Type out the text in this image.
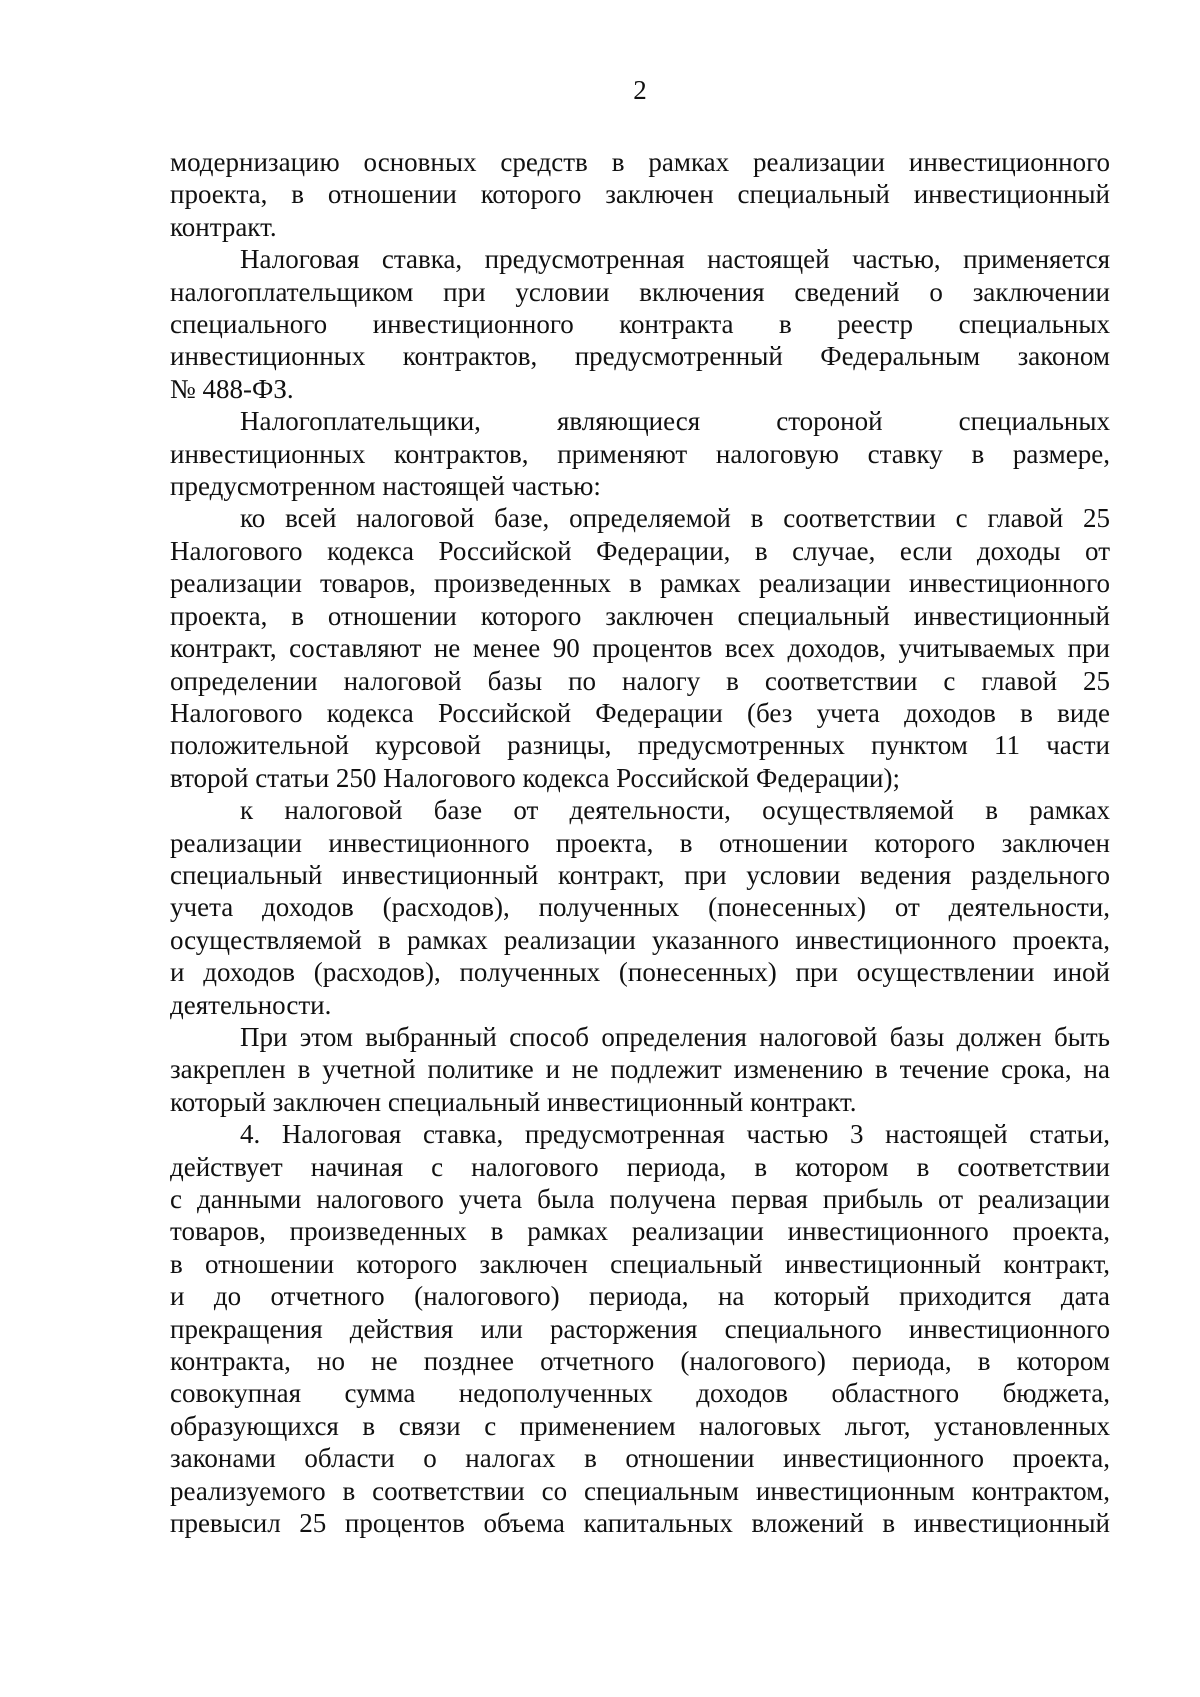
2
модернизацию основных средств в рамках реализации инвестиционного
проекта, в отношении которого заключен специальный инвестиционный
контракт.
Налоговая ставка, предусмотренная настоящей частью, применяется
налогоплательщиком при условии включения сведений о заключении
специального инвестиционного контракта в реестр специальных
инвестиционных контрактов, предусмотренный Федеральным законом
№ 488-ФЗ.
Налогоплательщики, являющиеся стороной специальных
инвестиционных контрактов, применяют налоговую ставку в размере,
предусмотренном настоящей частью:
ко всей налоговой базе, определяемой в соответствии с главой 25
Налогового кодекса Российской Федерации, в случае, если доходы от
реализации товаров, произведенных в рамках реализации инвестиционного
проекта, в отношении которого заключен специальный инвестиционный
контракт, составляют не менее 90 процентов всех доходов, учитываемых при
определении налоговой базы по налогу в соответствии с главой 25
Налогового кодекса Российской Федерации (без учета доходов в виде
положительной курсовой разницы, предусмотренных пунктом 11 части
второй статьи 250 Налогового кодекса Российской Федерации);
к налоговой базе от деятельности, осуществляемой в рамках
реализации инвестиционного проекта, в отношении которого заключен
специальный инвестиционный контракт, при условии ведения раздельного
учета доходов (расходов), полученных (понесенных) от деятельности,
осуществляемой в рамках реализации указанного инвестиционного проекта,
и доходов (расходов), полученных (понесенных) при осуществлении иной
деятельности.
При этом выбранный способ определения налоговой базы должен быть
закреплен в учетной политике и не подлежит изменению в течение срока, на
который заключен специальный инвестиционный контракт.
4. Налоговая ставка, предусмотренная частью 3 настоящей статьи,
действует начиная с налогового периода, в котором в соответствии
с данными налогового учета была получена первая прибыль от реализации
товаров, произведенных в рамках реализации инвестиционного проекта,
в отношении которого заключен специальный инвестиционный контракт,
и до отчетного (налогового) периода, на который приходится дата
прекращения действия или расторжения специального инвестиционного
контракта, но не позднее отчетного (налогового) периода, в котором
совокупная сумма недополученных доходов областного бюджета,
образующихся в связи с применением налоговых льгот, установленных
законами области о налогах в отношении инвестиционного проекта,
реализуемого в соответствии со специальным инвестиционным контрактом,
превысил 25 процентов объема капитальных вложений в инвестиционный
